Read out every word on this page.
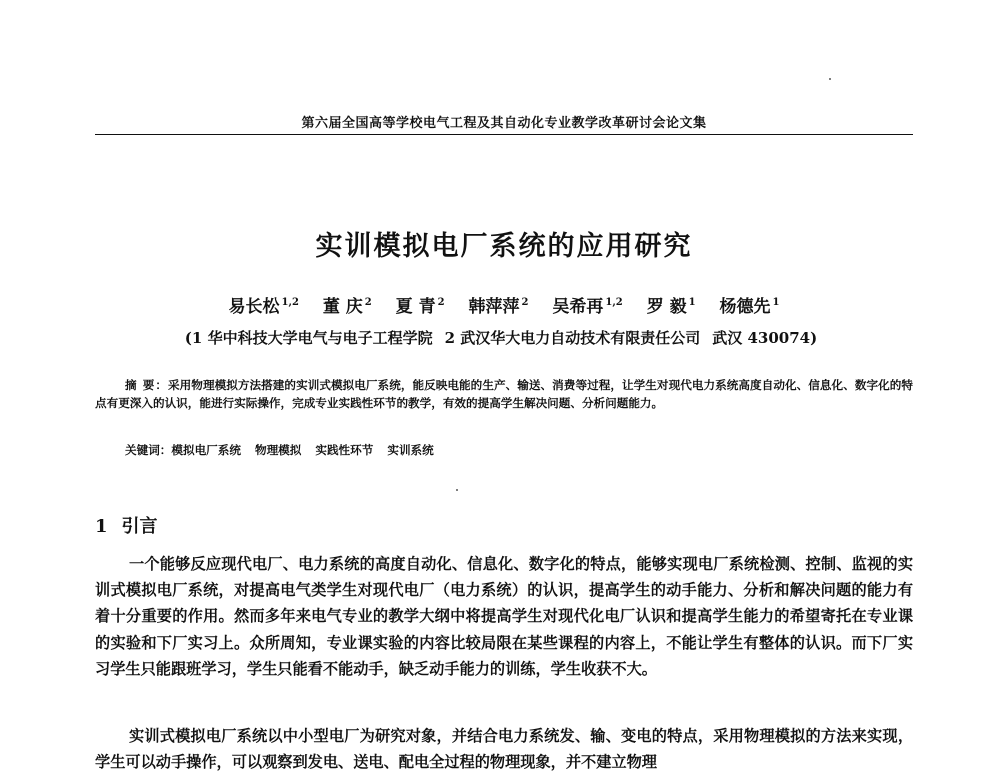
第六届全国高等学校电气工程及其自动化专业教学改革研讨会论文集
实训模拟电厂系统的应用研究
易长松 $^{1,2}$ 董 庆 $^2$ 夏 青 $^2$ 韩萍萍 $^2$ 吴希再 $^{1,2}$ 罗 毅 $^1$ 杨德先 $^1$
(1 华中科技大学电气与电子工程学院 2 武汉华大电力自动技术有限责任公司 武汉 430074)
摘 要：采用物理模拟方法搭建的实训式模拟电厂系统，能反映电能的生产、输送、消费等过程，让学生对现代电力系统高度自动化、信息化、数字化的特点有更深入的认识，能进行实际操作，完成专业实践性环节的教学，有效的提高学生解决问题、分析问题能力。
关键词：模拟电厂系统 物理模拟 实践性环节 实训系统
1 引言
一个能够反应现代电厂、电力系统的高度自动化、信息化、数字化的特点，能够实现电厂系统检测、控制、监视的实训式模拟电厂系统，对提高电气类学生对现代电厂（电力系统）的认识，提高学生的动手能力、分析和解决问题的能力有着十分重要的作用。然而多年来电气专业的教学大纲中将提高学生对现代化电厂认识和提高学生能力的希望寄托在专业课的实验和下厂实习上。众所周知，专业课实验的内容比较局限在某些课程的内容上，不能让学生有整体的认识。而下厂实习学生只能跟班学习，学生只能看不能动手，缺乏动手能力的训练，学生收获不大。
实训式模拟电厂系统以中小型电厂为研究对象，并结合电力系统发、输、变电的特点，采用物理模拟的方法来实现，学生可以动手操作，可以观察到发电、送电、配电全过程的物理现象，并不建立物理
